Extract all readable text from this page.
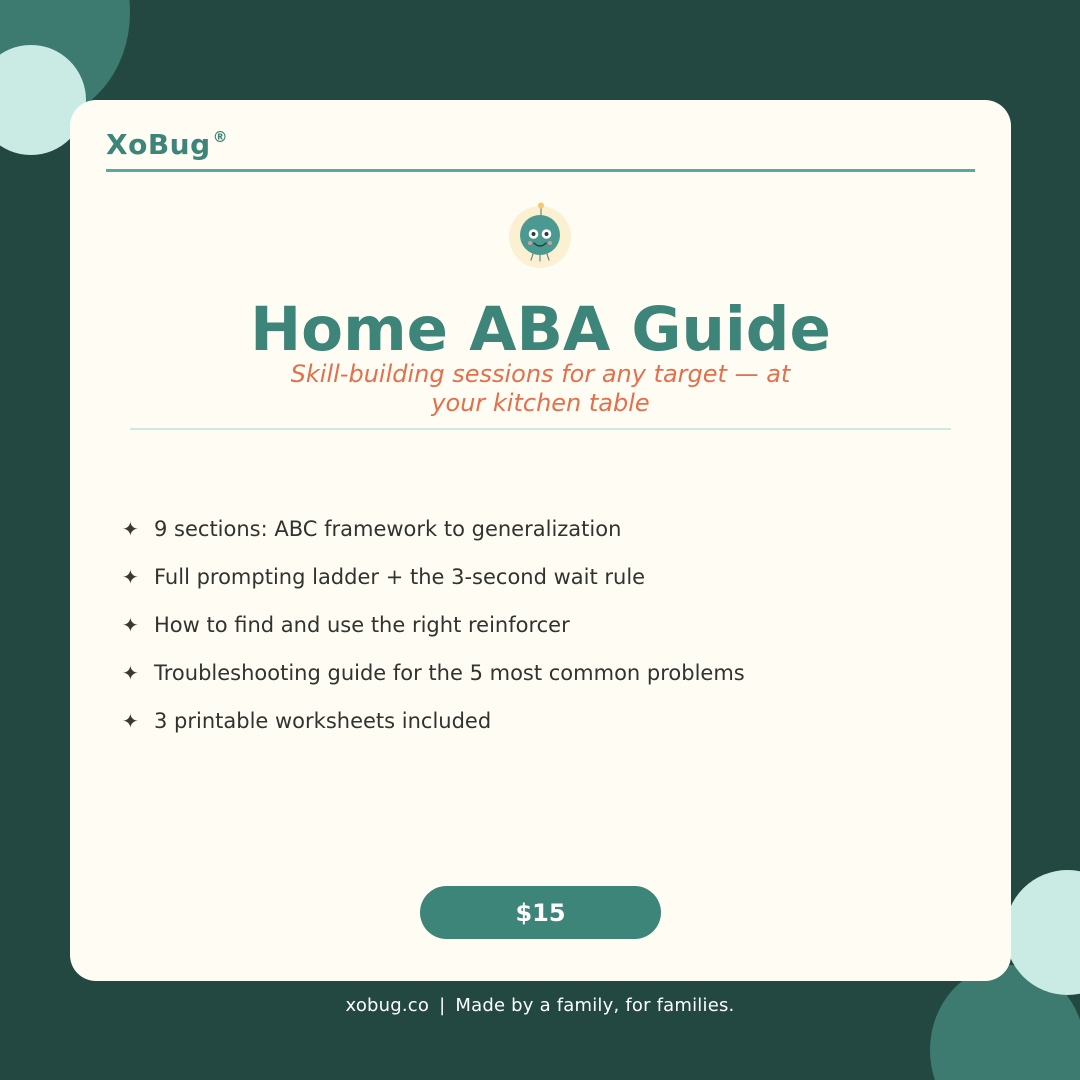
XoBug ®
Home ABA Guide

Skill-building sessions for any target — at your kitchen table

✦ 9 sections: ABC framework to generalization
✦ Full prompting ladder + the 3-second wait rule
✦ How to find and use the right reinforcer
✦ Troubleshooting guide for the 5 most common problems
✦ 3 printable worksheets included
$15
xobug.co | Made by a family, for families.
